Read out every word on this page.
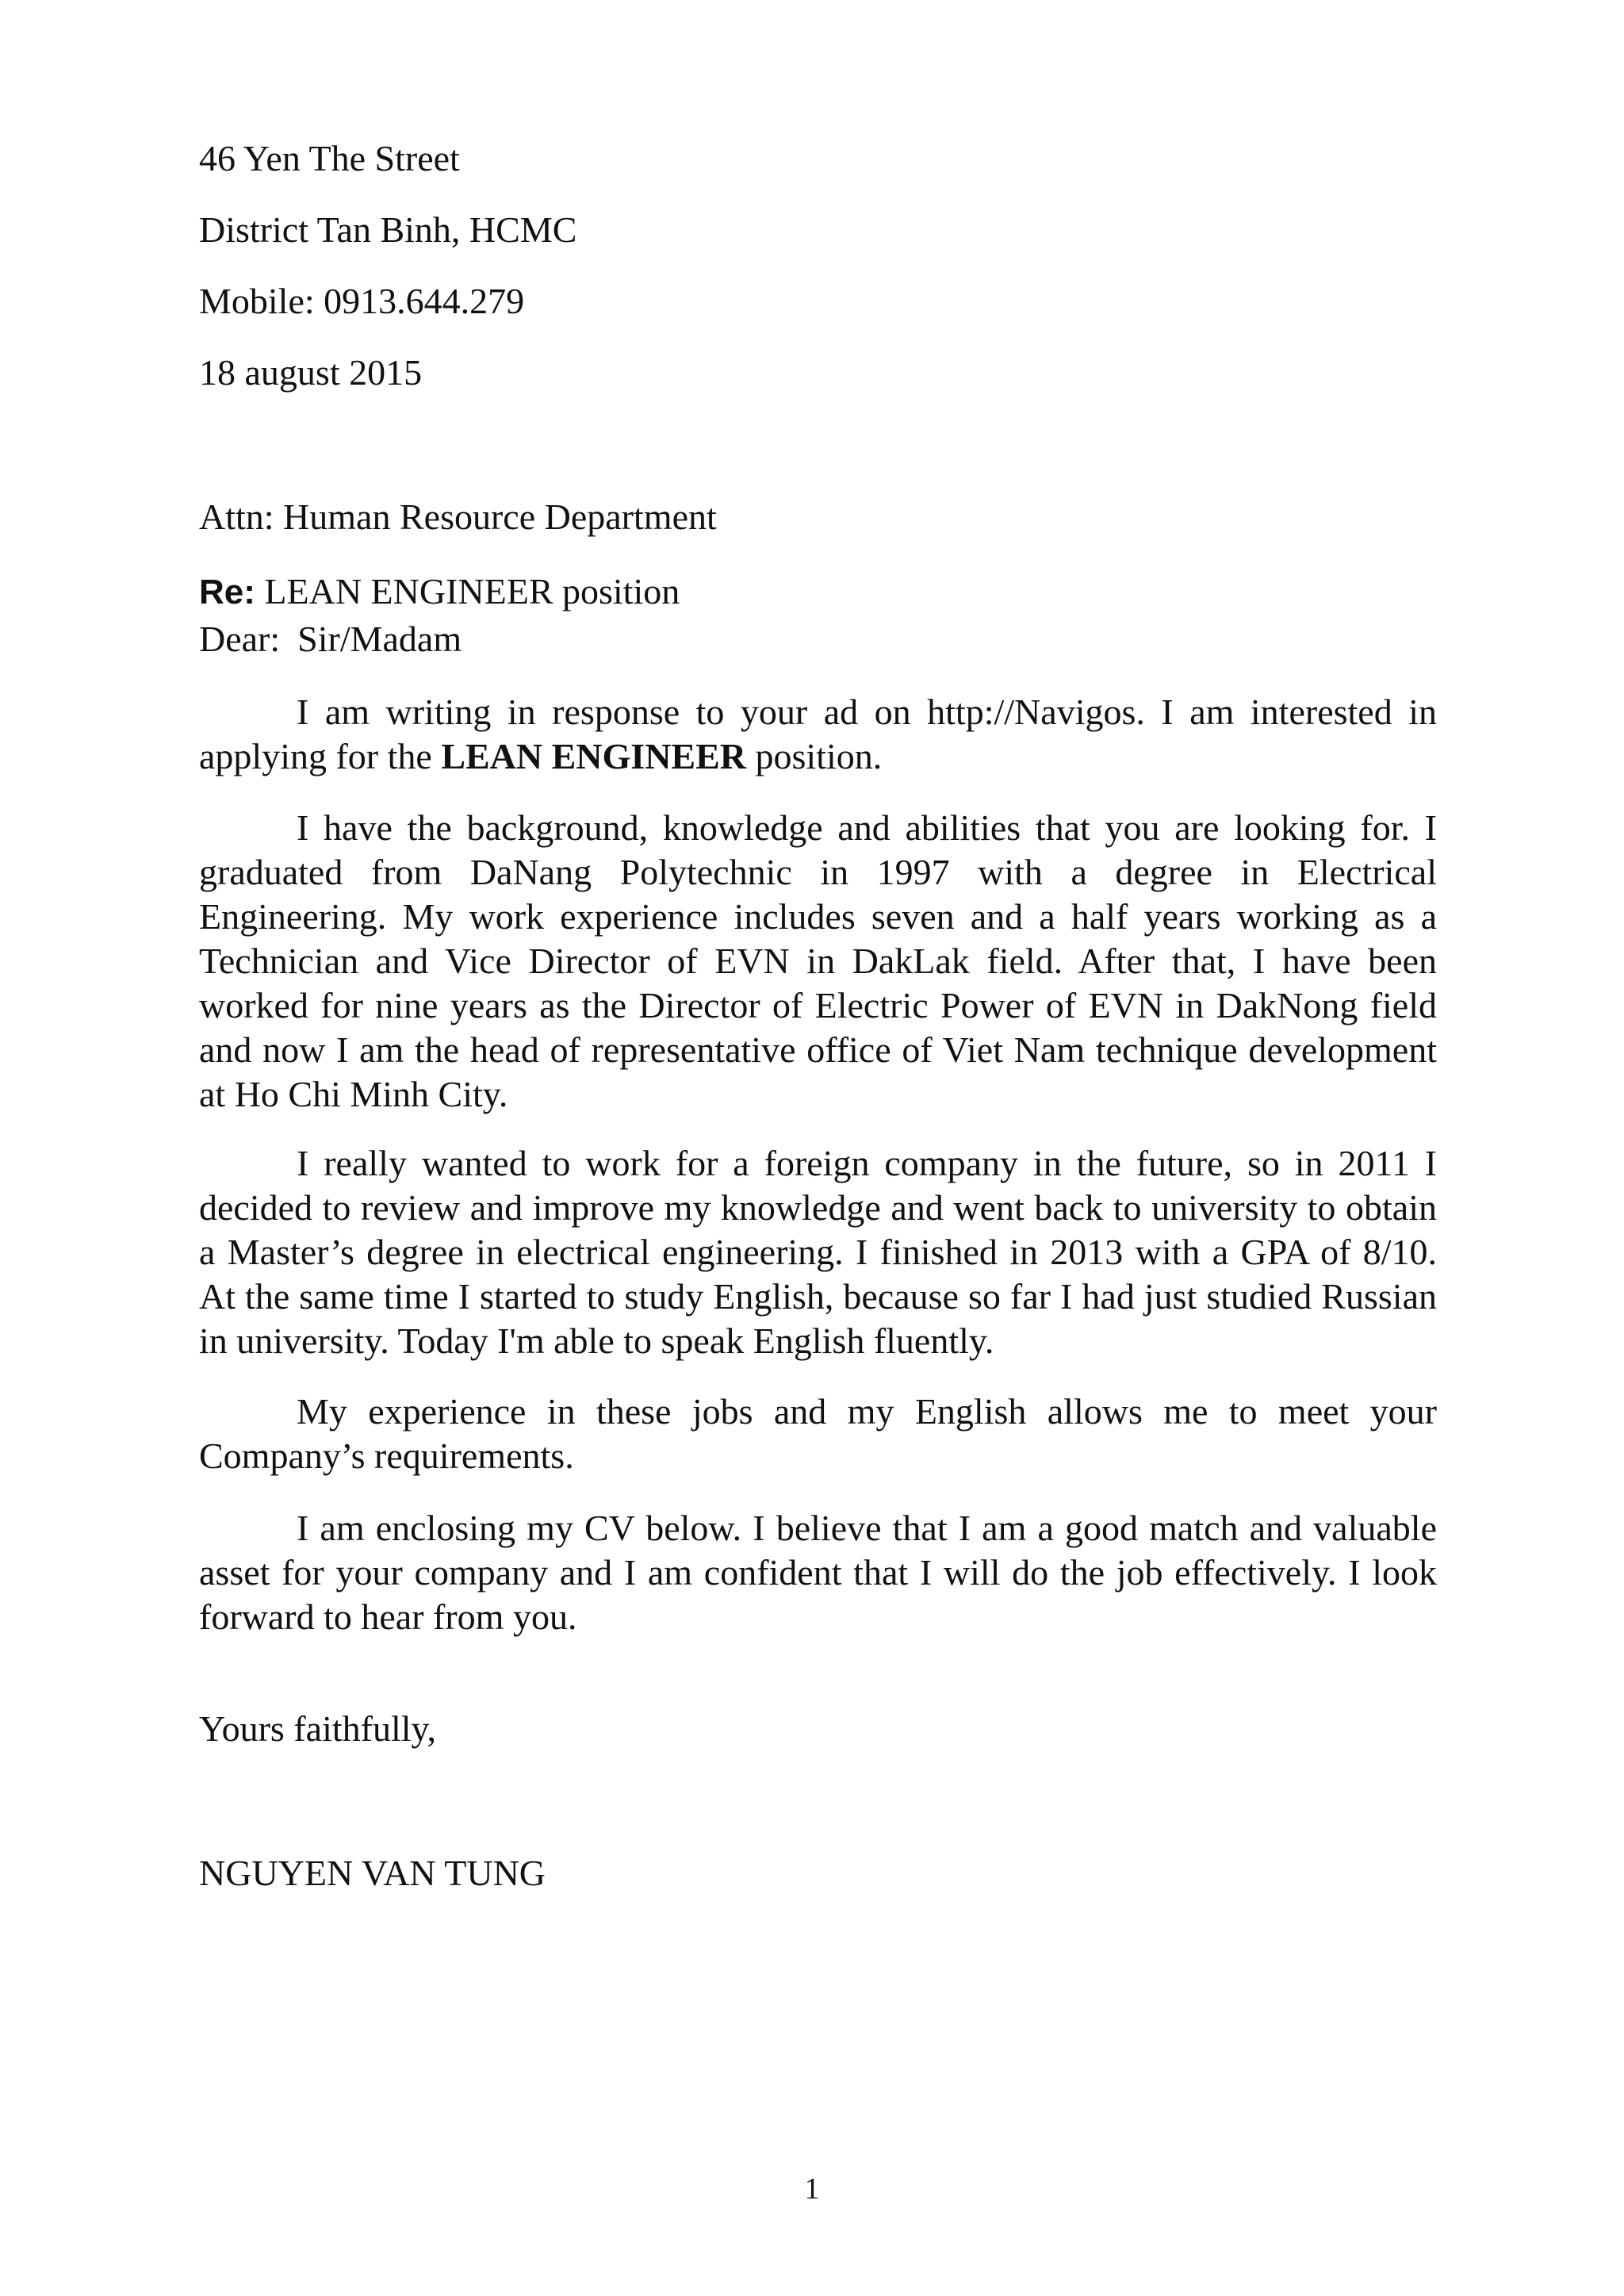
46 Yen The Street
District Tan Binh, HCMC
Mobile: 0913.644.279
18 august 2015
Attn: Human Resource Department
Re: LEAN ENGINEER position
Dear: Sir/Madam

I am writing in response to your ad on http://Navigos. I am interested in applying for the LEAN ENGINEER position.

I have the background, knowledge and abilities that you are looking for. I graduated from DaNang Polytechnic in 1997 with a degree in Electrical Engineering. My work experience includes seven and a half years working as a Technician and Vice Director of EVN in DakLak field. After that, I have been worked for nine years as the Director of Electric Power of EVN in DakNong field and now I am the head of representative office of Viet Nam technique development at Ho Chi Minh City.

I really wanted to work for a foreign company in the future, so in 2011 I decided to review and improve my knowledge and went back to university to obtain a Master’s degree in electrical engineering. I finished in 2013 with a GPA of 8/10. At the same time I started to study English, because so far I had just studied Russian in university. Today I'm able to speak English fluently.

My experience in these jobs and my English allows me to meet your Company’s requirements.

I am enclosing my CV below. I believe that I am a good match and valuable asset for your company and I am confident that I will do the job effectively. I look forward to hear from you.

Yours faithfully,
NGUYEN VAN TUNG
1
